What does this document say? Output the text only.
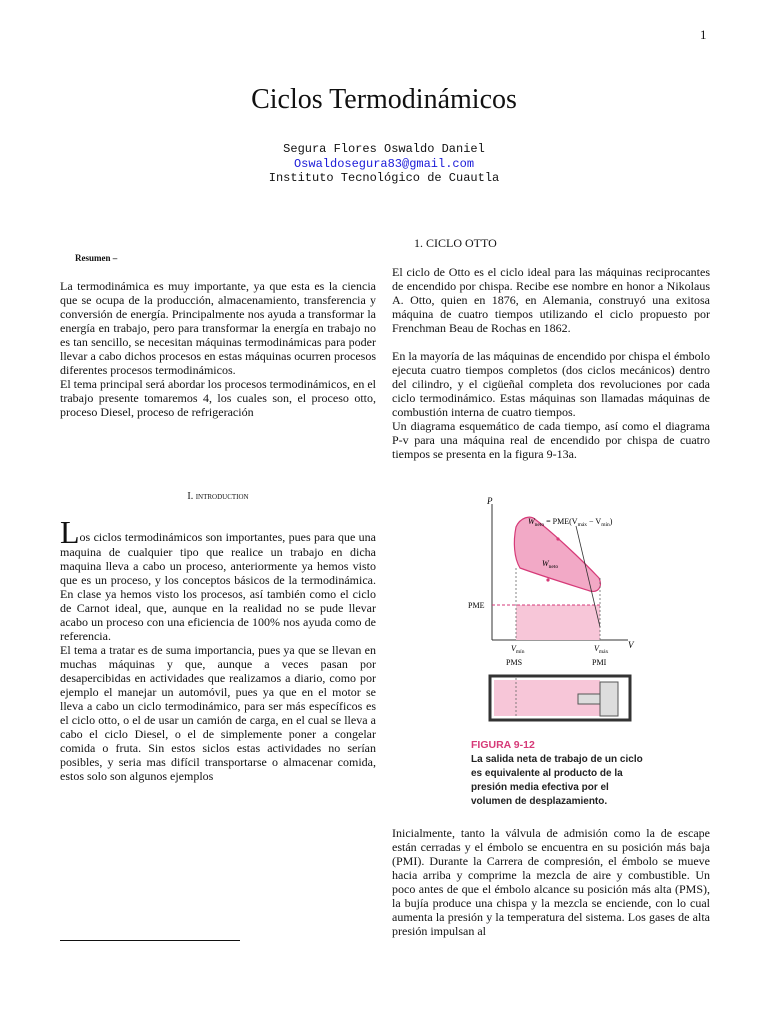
1
Ciclos Termodinámicos
Segura Flores Oswaldo Daniel
Oswaldosegura83@gmail.com
Instituto Tecnológico de Cuautla
Resumen –

La termodinámica es muy importante, ya que esta es la ciencia que se ocupa de la producción, almacenamiento, transferencia y conversión de energía. Principalmente nos ayuda a transformar la energía en trabajo, pero para transformar la energía en trabajo no es tan sencillo, se necesitan máquinas termodinámicas para poder llevar a cabo dichos procesos en estas máquinas ocurren procesos diferentes procesos termodinámicos.

El tema principal será abordar los procesos termodinámicos, en el trabajo presente tomaremos 4, los cuales son, el proceso otto, proceso Diesel, proceso de refrigeración

I. introduction

Los ciclos termodinámicos son importantes, pues para que una maquina de cualquier tipo que realice un trabajo en dicha maquina lleva a cabo un proceso, anteriormente ya hemos visto que es un proceso, y los conceptos básicos de la termodinámica. En clase ya hemos visto los procesos, así también como el ciclo de Carnot ideal, que, aunque en la realidad no se pude llevar acabo un proceso con una eficiencia de 100% nos ayuda como de referencia.

El tema a tratar es de suma importancia, pues ya que se llevan en muchas máquinas y que, aunque a veces pasan por desapercibidas en actividades que realizamos a diario, como por ejemplo el manejar un automóvil, pues ya que en el motor se lleva a cabo un ciclo termodinámico, para ser más específicos es el ciclo otto, o el de usar un camión de carga, en el cual se lleva a cabo el ciclo Diesel, o el de simplemente poner a congelar comida o fruta. Sin estos siclos estas actividades no serían posibles, y seria mas difícil transportarse o almacenar comida, estos solo son algunos ejemplos

1. CICLO OTTO

El ciclo de Otto es el ciclo ideal para las máquinas reciprocantes de encendido por chispa. Recibe ese nombre en honor a Nikolaus A. Otto, quien en 1876, en Alemania, construyó una exitosa máquina de cuatro tiempos utilizando el ciclo propuesto por Frenchman Beau de Rochas en 1862.

En la mayoría de las máquinas de encendido por chispa el émbolo ejecuta cuatro tiempos completos (dos ciclos mecánicos) dentro del cilindro, y el cigüeñal completa dos revoluciones por cada ciclo termodinámico. Estas máquinas son llamadas máquinas de combustión interna de cuatro tiempos.

Un diagrama esquemático de cada tiempo, así como el diagrama P-v para una máquina real de encendido por chispa de cuatro tiempos se presenta en la figura 9-13a.

P
V
PME
$W_{neto} = PME(V_{máx} - V_{mín})$
$W_{neto}$
$V_{mín}$	$V_{máx}$
PMS	PMI
FIGURA 9-12
La salida neta de trabajo de un ciclo es equivalente al producto de la presión media efectiva por el volumen de desplazamiento.

Inicialmente, tanto la válvula de admisión como la de escape están cerradas y el émbolo se encuentra en su posición más baja (PMI). Durante la Carrera de compresión, el émbolo se mueve hacia arriba y comprime la mezcla de aire y combustible. Un poco antes de que el émbolo alcance su posición más alta (PMS), la bujía produce una chispa y la mezcla se enciende, con lo cual aumenta la presión y la temperatura del sistema. Los gases de alta presión impulsan al
